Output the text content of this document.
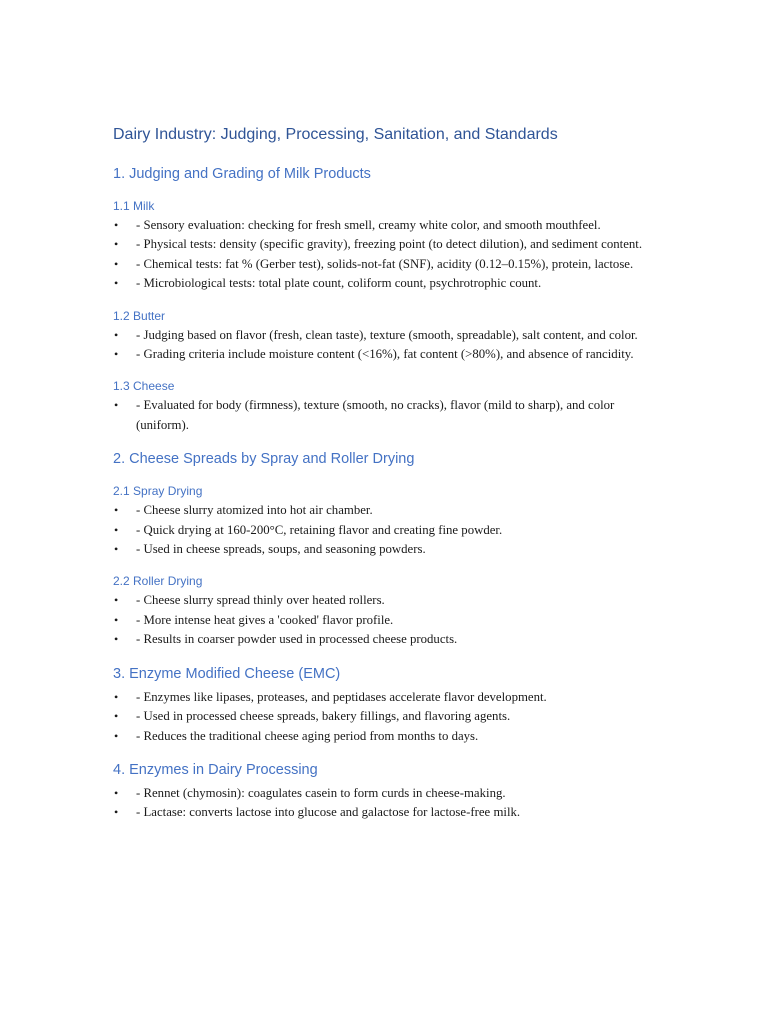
Dairy Industry: Judging, Processing, Sanitation, and Standards
1. Judging and Grading of Milk Products
1.1 Milk
• - Sensory evaluation: checking for fresh smell, creamy white color, and smooth mouthfeel.
• - Physical tests: density (specific gravity), freezing point (to detect dilution), and sediment content.
• - Chemical tests: fat % (Gerber test), solids-not-fat (SNF), acidity (0.12–0.15%), protein, lactose.
• - Microbiological tests: total plate count, coliform count, psychrotrophic count.
1.2 Butter
• - Judging based on flavor (fresh, clean taste), texture (smooth, spreadable), salt content, and color.
• - Grading criteria include moisture content (<16%), fat content (>80%), and absence of rancidity.
1.3 Cheese
• - Evaluated for body (firmness), texture (smooth, no cracks), flavor (mild to sharp), and color (uniform).
2. Cheese Spreads by Spray and Roller Drying
2.1 Spray Drying
• - Cheese slurry atomized into hot air chamber.
• - Quick drying at 160-200°C, retaining flavor and creating fine powder.
• - Used in cheese spreads, soups, and seasoning powders.
2.2 Roller Drying
• - Cheese slurry spread thinly over heated rollers.
• - More intense heat gives a 'cooked' flavor profile.
• - Results in coarser powder used in processed cheese products.
3. Enzyme Modified Cheese (EMC)
• - Enzymes like lipases, proteases, and peptidases accelerate flavor development.
• - Used in processed cheese spreads, bakery fillings, and flavoring agents.
• - Reduces the traditional cheese aging period from months to days.
4. Enzymes in Dairy Processing
• - Rennet (chymosin): coagulates casein to form curds in cheese-making.
• - Lactase: converts lactose into glucose and galactose for lactose-free milk.
